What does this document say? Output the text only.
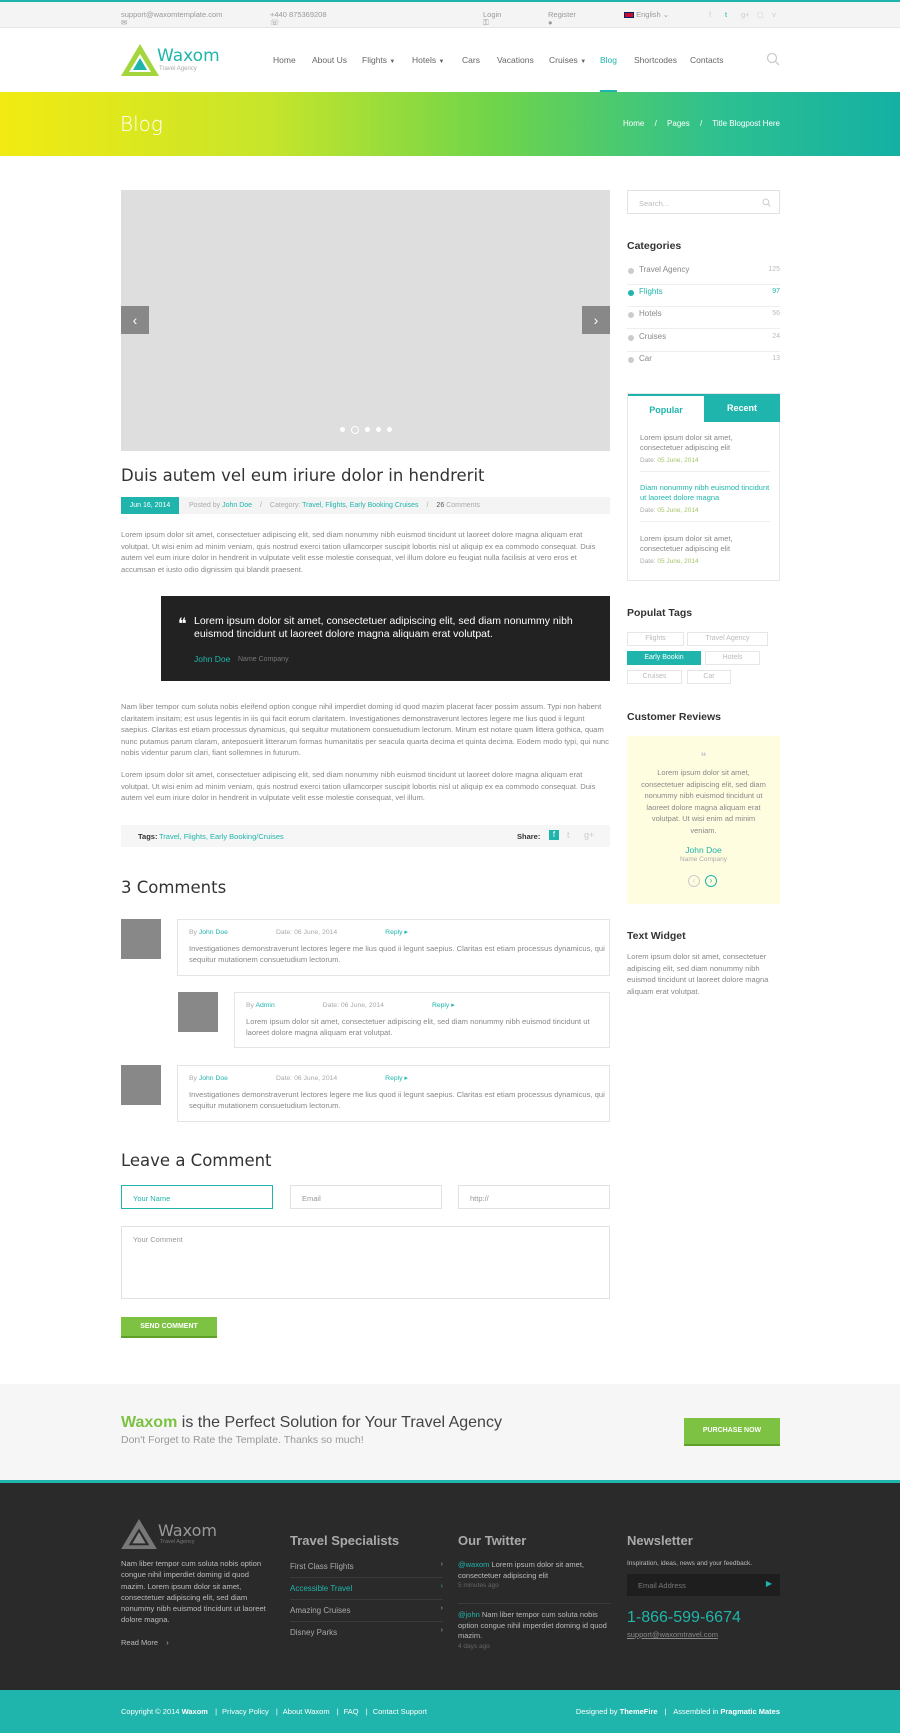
✉
support@waxomtemplate.com
☏
+440 875369208
⚿
Login
●
Register	English ⌄	f t g+ ◻ v
Waxom
Travel Agency
Home About Us Flights ▼ Hotels ▼ Cars Vacations Cruises ▼ Blog Shortcodes Contacts
Blog	Home / Pages / Title Blogpost Here
‹	›
Duis autem vel eum iriure dolor in hendrerit
Jun 16, 2014	Posted by John Doe / Category: Travel, Flights, Early Booking Cruises / 26 Comments

Lorem ipsum dolor sit amet, consectetuer adipiscing elit, sed diam nonummy nibh euismod tincidunt ut laoreet dolore magna aliquam erat volutpat. Ut wisi enim ad minim veniam, quis nostrud exerci tation ullamcorper suscipit lobortis nisl ut aliquip ex ea commodo consequat. Duis autem vel eum iriure dolor in hendrerit in vulputate velit esse molestie consequat, vel illum dolore eu feugiat nulla facilisis at vero eros et accumsan et iusto odio dignissim qui blandit praesent.

❝ Lorem ipsum dolor sit amet, consectetuer adipiscing elit, sed diam nonummy nibh euismod tincidunt ut laoreet dolore magna aliquam erat volutpat.
John Doe Name Company

Nam liber tempor cum soluta nobis eleifend option congue nihil imperdiet doming id quod mazim placerat facer possim assum. Typi non habent claritatem insitam; est usus legentis in iis qui facit eorum claritatem. Investigationes demonstraverunt lectores legere me lius quod ii legunt saepius. Claritas est etiam processus dynamicus, qui sequitur mutationem consuetudium lectorum. Mirum est notare quam littera gothica, quam nunc putamus parum claram, anteposuerit litterarum formas humanitatis per seacula quarta decima et quinta decima. Eodem modo typi, qui nunc nobis videntur parum clari, fiant sollemnes in futurum.

Lorem ipsum dolor sit amet, consectetuer adipiscing elit, sed diam nonummy nibh euismod tincidunt ut laoreet dolore magna aliquam erat volutpat. Ut wisi enim ad minim veniam, quis nostrud exerci tation ullamcorper suscipit lobortis nisl ut aliquip ex ea commodo consequat. Duis autem vel eum iriure dolor in hendrerit in vulputate velit esse molestie consequat, vel illum.

Tags: Travel, Flights, Early Booking/Cruises	Share:	f	t g+
3 Comments
By John Doe	Date: 06 June, 2014	Reply ▸
Investigationes demonstraverunt lectores legere me lius quod ii legunt saepius. Claritas est etiam processus dynamicus, qui sequitur mutationem consuetudium lectorum.
By Admin	Date: 06 June, 2014	Reply ▸
Lorem ipsum dolor sit amet, consectetuer adipiscing elit, sed diam nonummy nibh euismod tincidunt ut laoreet dolore magna aliquam erat volutpat.
By John Doe	Date: 06 June, 2014	Reply ▸
Investigationes demonstraverunt lectores legere me lius quod ii legunt saepius. Claritas est etiam processus dynamicus, qui sequitur mutationem consuetudium lectorum.
Leave a Comment
Your Name	Email	http://
Your Comment
SEND COMMENT
Search...
Categories
Travel Agency	125
Flights	97
Hotels	56
Cruises	24
Car	13
Popular	Recent
Lorem ipsum dolor sit amet, consectetuer adipiscing elit
Date: 05 June, 2014
Diam nonummy nibh euismod tincidunt ut laoreet dolore magna
Date: 05 June, 2014
Lorem ipsum dolor sit amet, consectetuer adipiscing elit
Date: 05 June, 2014
Populat Tags
Flights	Travel Agency
Early Bookin	Hotels
Cruises	Car
Customer Reviews
❝
Lorem ipsum dolor sit amet, consectetuer adipiscing elit, sed diam nonummy nibh euismod tincidunt ut laoreet dolore magna aliquam erat volutpat. Ut wisi enim ad minim veniam.
John Doe
Name Company
‹	›
Text Widget
Lorem ipsum dolor sit amet, consectetuer adipiscing elit, sed diam nonummy nibh euismod tincidunt ut laoreet dolore magna aliquam erat volutpat.
Waxom is the Perfect Solution for Your Travel Agency
Don't Forget to Rate the Template. Thanks so much!
PURCHASE NOW
Waxom
Travel Agency
Nam liber tempor cum soluta nobis option congue nihil imperdiet doming id quod mazim. Lorem ipsum dolor sit amet, consectetuer adipiscing elit, sed diam nonummy nibh euismod tincidunt ut laoreet dolore magna.
Read More ›
Travel Specialists
First Class Flights	›
Accessible Travel	›
Amazing Cruises	›
Disney Parks	›
Our Twitter
@waxom Lorem ipsum dolor sit amet, consectetuer adipiscing elit
5 minutes ago
@john Nam liber tempor cum soluta nobis option congue nihil imperdiet doming id quod mazim.
4 days ago
Newsletter
Inspiration, ideas, news and your feedback.
Email Address	▶
1-866-599-6674
support@waxomtravel.com
Copyright © 2014 Waxom | Privacy Policy | About Waxom | FAQ | Contact Support	Designed by ThemeFire | Assembled in Pragmatic Mates
